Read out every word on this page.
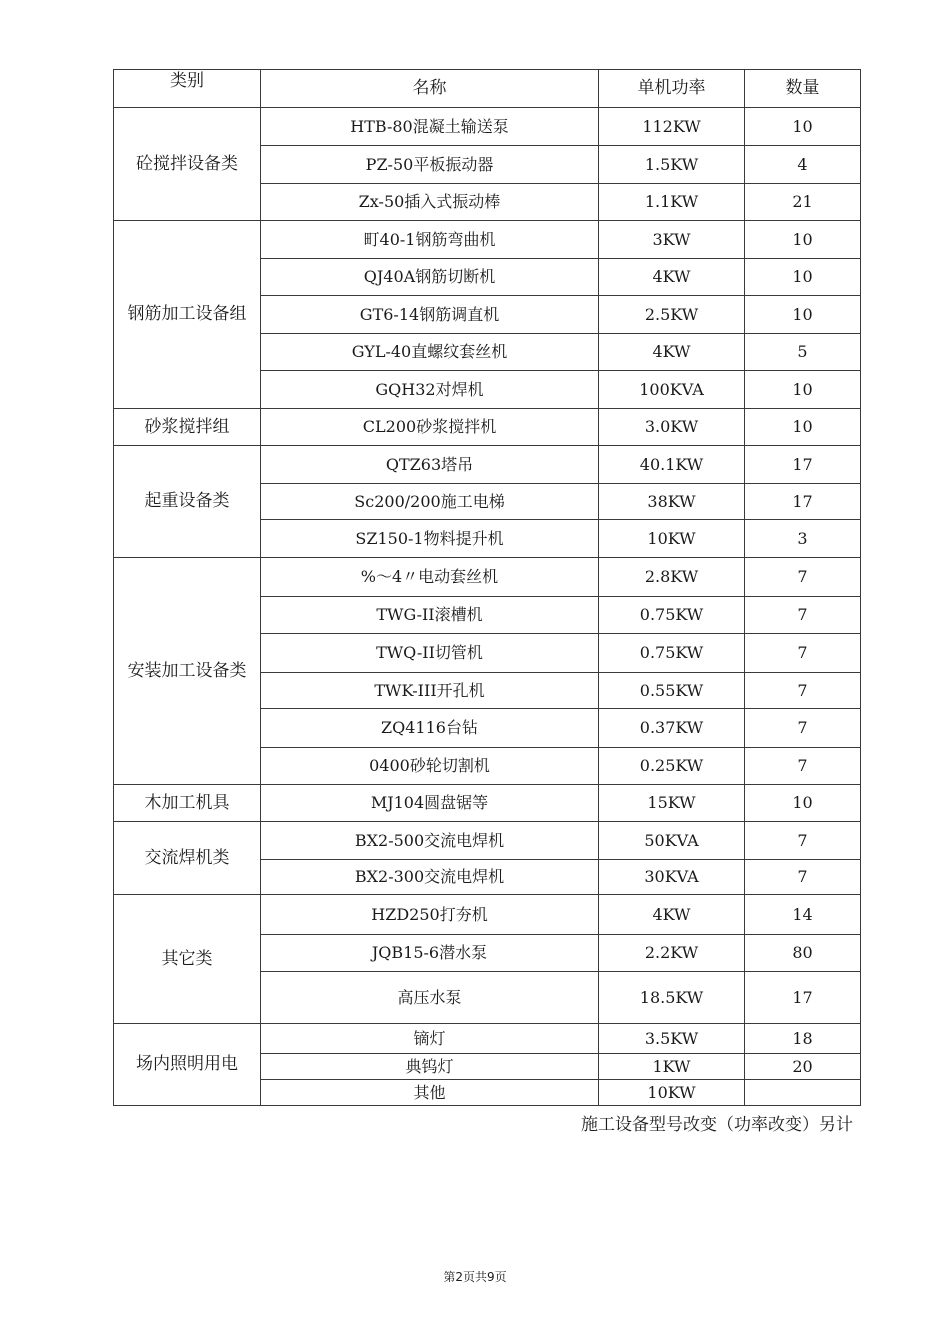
类别	名称	单机功率	数量
砼搅拌设备类	HTB-80混凝土输送泵	112KW	10
	PZ-50平板振动器	1.5KW	4
	Zx-50插入式振动棒	1.1KW	21
钢筋加工设备组	町40-1钢筋弯曲机	3KW	10
	QJ40A钢筋切断机	4KW	10
	GT6-14钢筋调直机	2.5KW	10
	GYL-40直螺纹套丝机	4KW	5
	GQH32对焊机	100KVA	10
砂浆搅拌组	CL200砂浆搅拌机	3.0KW	10
起重设备类	QTZ63塔吊	40.1KW	17
	Sc200/200施工电梯	38KW	17
	SZ150-1物料提升机	10KW	3
安装加工设备类	%〜4〃电动套丝机	2.8KW	7
	TWG-II滚槽机	0.75KW	7
	TWQ-II切管机	0.75KW	7
	TWK-III开孔机	0.55KW	7
	ZQ4116台钻	0.37KW	7
	0400砂轮切割机	0.25KW	7
木加工机具	MJ104圆盘锯等	15KW	10
交流焊机类	BX2-500交流电焊机	50KVA	7
	BX2-300交流电焊机	30KVA	7
其它类	HZD250打夯机	4KW	14
	JQB15-6潜水泵	2.2KW	80
	高压水泵	18.5KW	17
场内照明用电	镝灯	3.5KW	18
	典钨灯	1KW	20
	其他	10KW	
施工设备型号改变（功率改变）另计
第2页共9页
